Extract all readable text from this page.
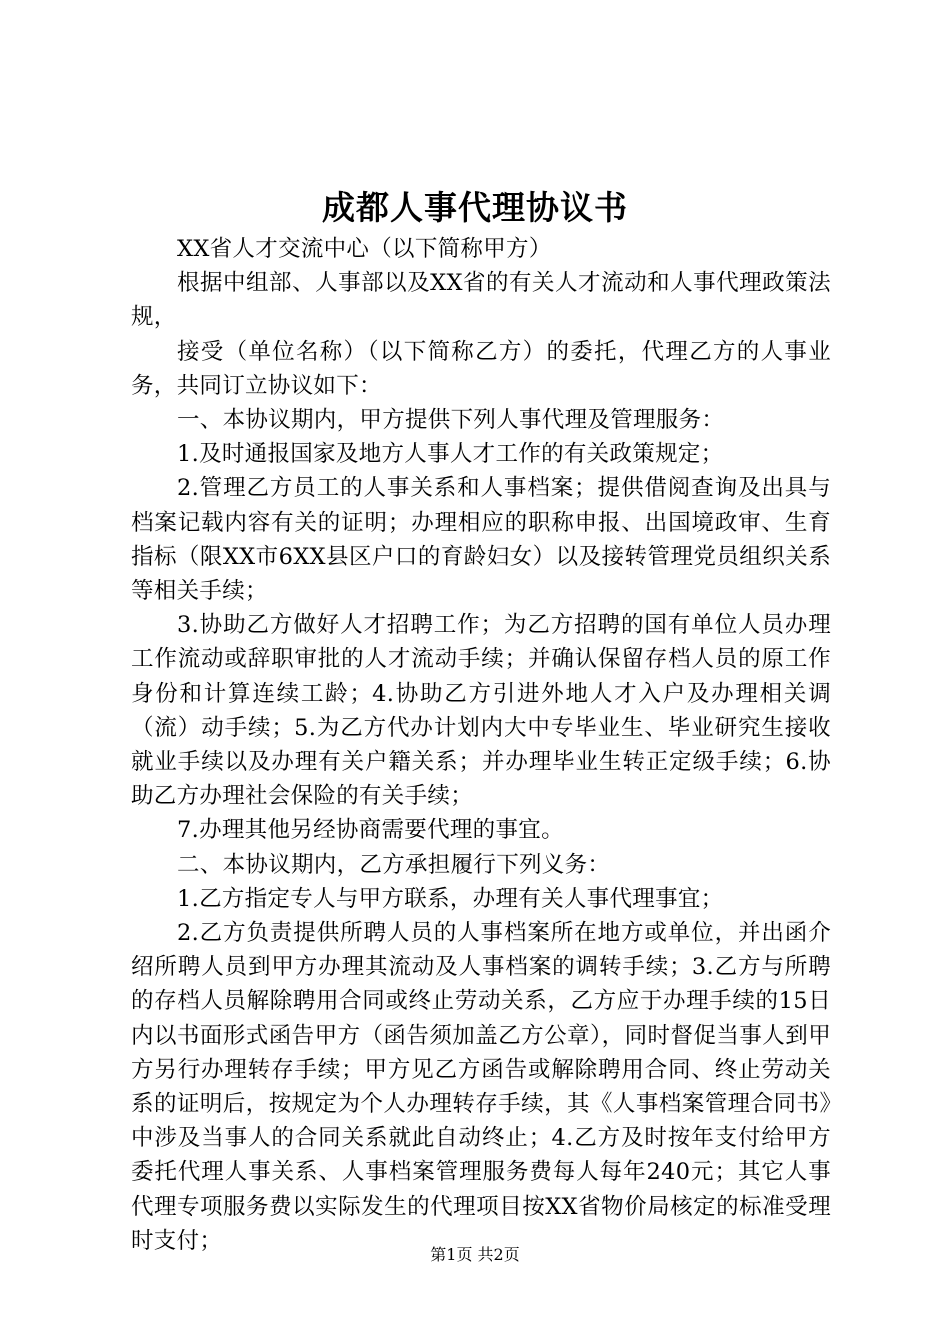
成都人事代理协议书

XX省人才交流中心（以下简称甲方）

根据中组部、人事部以及XX省的有关人才流动和人事代理政策法规，

接受（单位名称）（以下简称乙方）的委托，代理乙方的人事业务，共同订立协议如下：

一、本协议期内，甲方提供下列人事代理及管理服务：

1.及时通报国家及地方人事人才工作的有关政策规定；

2.管理乙方员工的人事关系和人事档案；提供借阅查询及出具与档案记载内容有关的证明；办理相应的职称申报、出国境政审、生育指标（限XX市6XX县区户口的育龄妇女）以及接转管理党员组织关系等相关手续；

3.协助乙方做好人才招聘工作；为乙方招聘的国有单位人员办理工作流动或辞职审批的人才流动手续；并确认保留存档人员的原工作身份和计算连续工龄；4.协助乙方引进外地人才入户及办理相关调（流）动手续；5.为乙方代办计划内大中专毕业生、毕业研究生接收就业手续以及办理有关户籍关系；并办理毕业生转正定级手续；6.协助乙方办理社会保险的有关手续；

7.办理其他另经协商需要代理的事宜。

二、本协议期内，乙方承担履行下列义务：

1.乙方指定专人与甲方联系，办理有关人事代理事宜；

2.乙方负责提供所聘人员的人事档案所在地方或单位，并出函介绍所聘人员到甲方办理其流动及人事档案的调转手续；3.乙方与所聘的存档人员解除聘用合同或终止劳动关系，乙方应于办理手续的15日内以书面形式函告甲方（函告须加盖乙方公章），同时督促当事人到甲方另行办理转存手续；甲方见乙方函告或解除聘用合同、终止劳动关系的证明后，按规定为个人办理转存手续，其《人事档案管理合同书》中涉及当事人的合同关系就此自动终止；4.乙方及时按年支付给甲方委托代理人事关系、人事档案管理服务费每人每年240元；其它人事代理专项服务费以实际发生的代理项目按XX省物价局核定的标准受理时支付；

第1页 共2页
